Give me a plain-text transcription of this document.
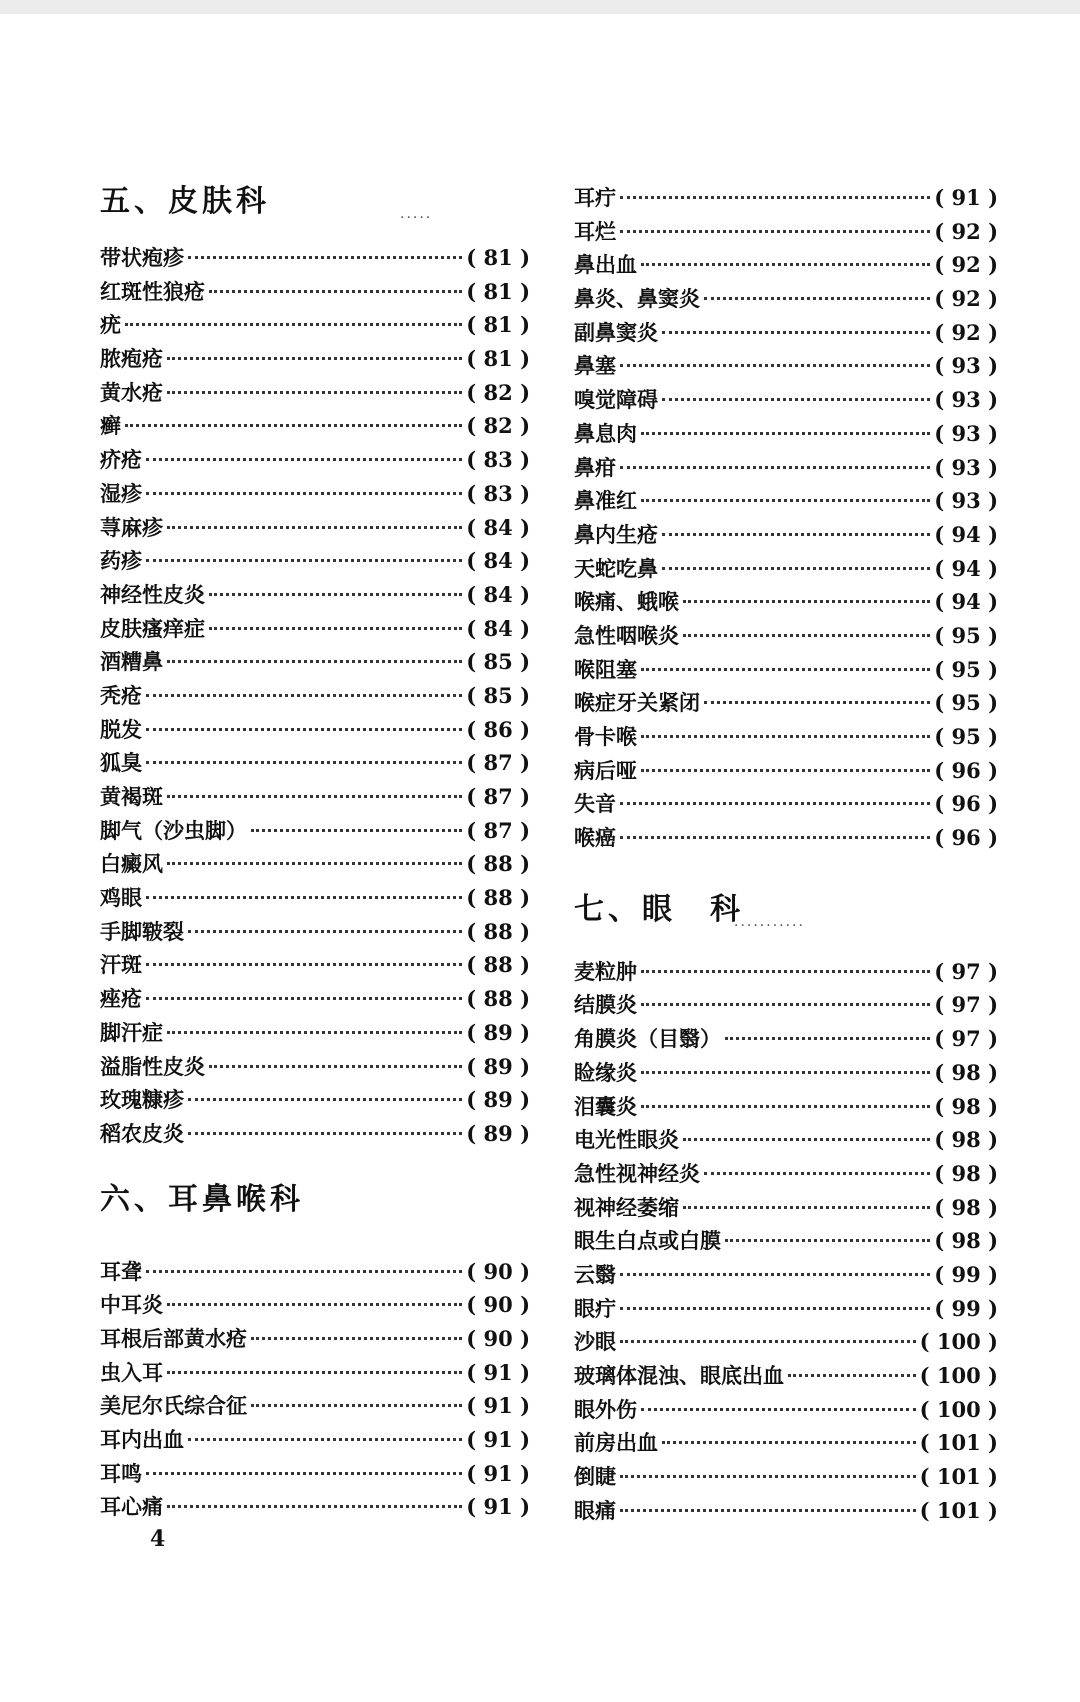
五、皮肤科	·····
带状疱疹	( 81 )
红斑性狼疮	( 81 )
疣	( 81 )
脓疱疮	( 81 )
黄水疮	( 82 )
癣	( 82 )
疥疮	( 83 )
湿疹	( 83 )
荨麻疹	( 84 )
药疹	( 84 )
神经性皮炎	( 84 )
皮肤瘙痒症	( 84 )
酒糟鼻	( 85 )
秃疮	( 85 )
脱发	( 86 )
狐臭	( 87 )
黄褐斑	( 87 )
脚气（沙虫脚）	( 87 )
白癜风	( 88 )
鸡眼	( 88 )
手脚皲裂	( 88 )
汗斑	( 88 )
痤疮	( 88 )
脚汗症	( 89 )
溢脂性皮炎	( 89 )
玫瑰糠疹	( 89 )
稻农皮炎	( 89 )
六、耳鼻喉科
耳聋	( 90 )
中耳炎	( 90 )
耳根后部黄水疮	( 90 )
虫入耳	( 91 )
美尼尔氏综合征	( 91 )
耳内出血	( 91 )
耳鸣	( 91 )
耳心痛	( 91 )
耳疔	( 91 )
耳烂	( 92 )
鼻出血	( 92 )
鼻炎、鼻窦炎	( 92 )
副鼻窦炎	( 92 )
鼻塞	( 93 )
嗅觉障碍	( 93 )
鼻息肉	( 93 )
鼻疳	( 93 )
鼻准红	( 93 )
鼻内生疮	( 94 )
天蛇吃鼻	( 94 )
喉痛、蛾喉	( 94 )
急性咽喉炎	( 95 )
喉阻塞	( 95 )
喉症牙关紧闭	( 95 )
骨卡喉	( 95 )
病后哑	( 96 )
失音	( 96 )
喉癌	( 96 )
七、眼　科
···········
麦粒肿	( 97 )
结膜炎	( 97 )
角膜炎（目翳）	( 97 )
睑缘炎	( 98 )
泪囊炎	( 98 )
电光性眼炎	( 98 )
急性视神经炎	( 98 )
视神经萎缩	( 98 )
眼生白点或白膜	( 98 )
云翳	( 99 )
眼疔	( 99 )
沙眼	( 100 )
玻璃体混浊、眼底出血	( 100 )
眼外伤	( 100 )
前房出血	( 101 )
倒睫	( 101 )
眼痛	( 101 )
4
